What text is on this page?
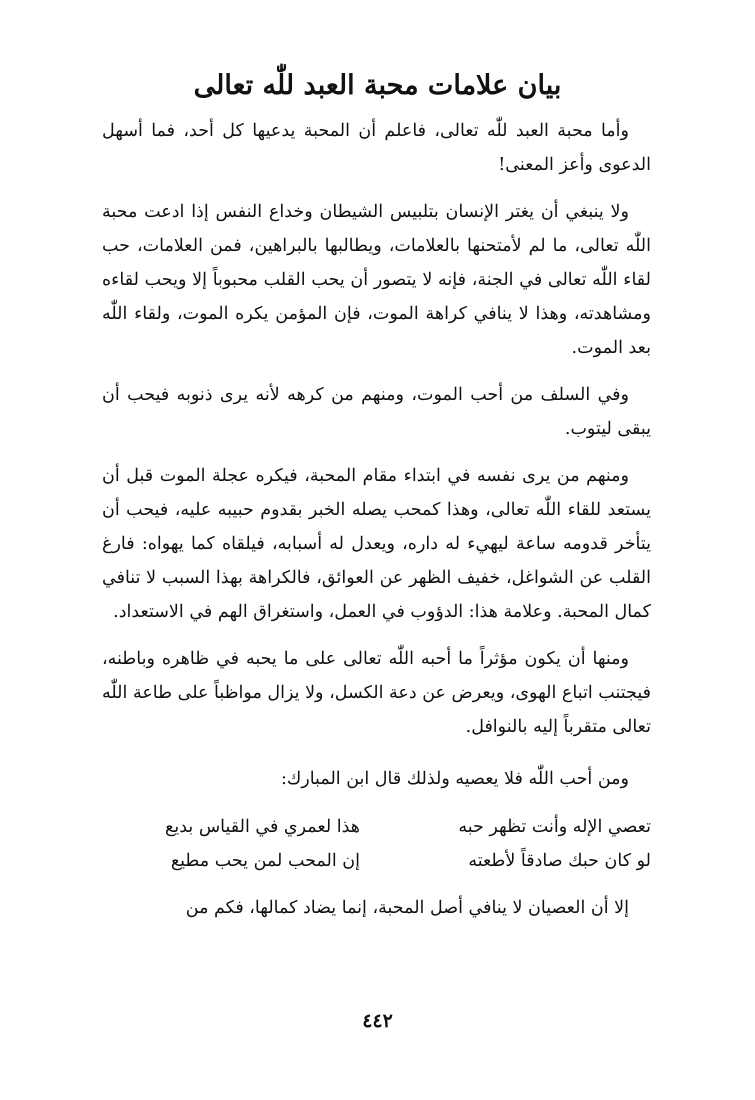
بيان علامات محبة العبد للّٰه تعالى

وأما محبة العبد للّٰه تعالى، فاعلم أن المحبة يدعيها كل أحد، فما أسهل الدعوى وأعز المعنى!

ولا ينبغي أن يغتر الإنسان بتلبيس الشيطان وخداع النفس إذا ادعت محبة اللّٰه تعالى، ما لم لأمتحنها بالعلامات، ويطالبها بالبراهين، فمن العلامات، حب لقاء اللّٰه تعالى في الجنة، فإنه لا يتصور أن يحب القلب محبوباً إلا ويحب لقاءه ومشاهدته، وهذا لا ينافي كراهة الموت، فإن المؤمن يكره الموت، ولقاء اللّٰه بعد الموت.

وفي السلف من أحب الموت، ومنهم من كرهه لأنه يرى ذنوبه فيحب أن يبقى ليتوب.

ومنهم من يرى نفسه في ابتداء مقام المحبة، فيكره عجلة الموت قبل أن يستعد للقاء اللّٰه تعالى، وهذا كمحب يصله الخبر بقدوم حبيبه عليه، فيحب أن يتأخر قدومه ساعة ليهيء له داره، ويعدل له أسبابه، فيلقاه كما يهواه: فارغ القلب عن الشواغل، خفيف الظهر عن العوائق، فالكراهة بهذا السبب لا تنافي كمال المحبة. وعلامة هذا: الدؤوب في العمل، واستغراق الهم في الاستعداد.

ومنها أن يكون مؤثراً ما أحبه اللّٰه تعالى على ما يحبه في ظاهره وباطنه، فيجتنب اتباع الهوى، ويعرض عن دعة الكسل، ولا يزال مواظباً على طاعة اللّٰه تعالى متقرباً إليه بالنوافل.

ومن أحب اللّٰه فلا يعصيه ولذلك قال ابن المبارك:

تعصي الإله وأنت تظهر حبه
هذا لعمري في القياس بديع
لو كان حبك صادقاً لأطعته
إن المحب لمن يحب مطيع

إلا أن العصيان لا ينافي أصل المحبة، إنما يضاد كمالها، فكم من

٤٤٢
